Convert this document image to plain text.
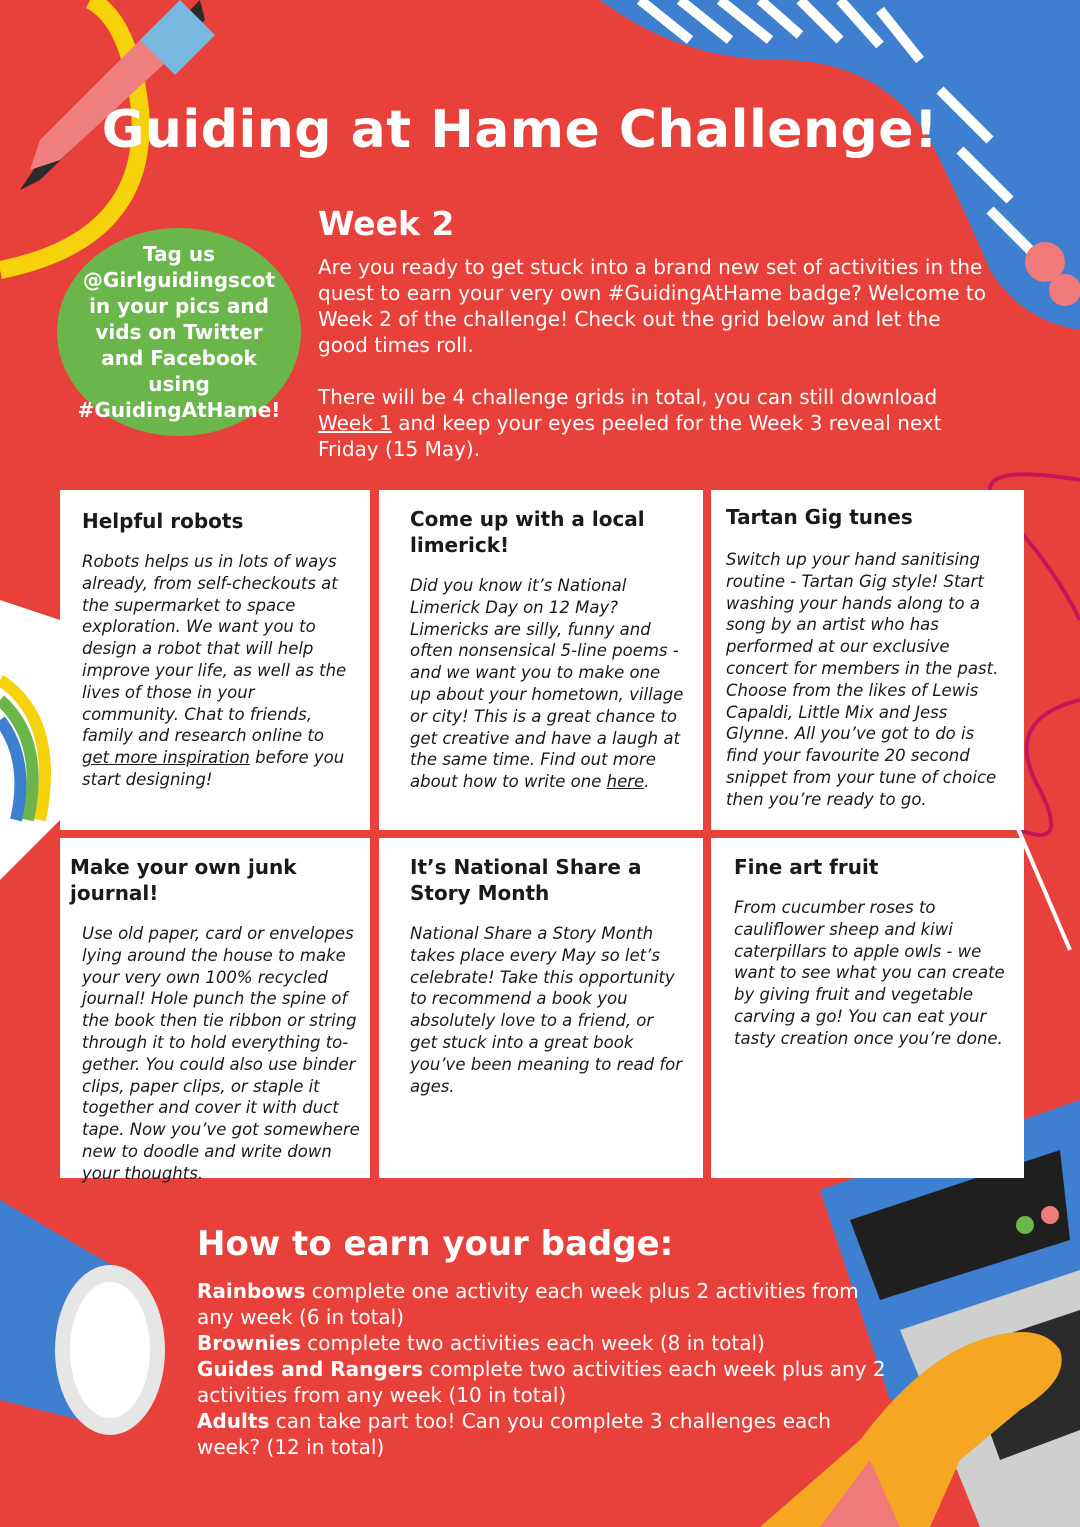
Guiding at Hame Challenge!
Week 2

Are you ready to get stuck into a brand new set of activities in the quest to earn your very own #GuidingAtHame badge? Welcome to Week 2 of the challenge! Check out the grid below and let the good times roll.

There will be 4 challenge grids in total, you can still download Week 1 and keep your eyes peeled for the Week 3 reveal next Friday (15 May).

Tag us @Girlguidingscot in your pics and vids on Twitter and Facebook using #GuidingAtHame!
Helpful robots

Robots helps us in lots of ways already, from self-checkouts at the supermarket to space exploration. We want you to design a robot that will help improve your life, as well as the lives of those in your community. Chat to friends, family and research online to get more inspiration before you start designing!

Come up with a local limerick!

Did you know it’s National Limerick Day on 12 May? Limericks are silly, funny and often nonsensical 5-line poems - and we want you to make one up about your hometown, village or city! This is a great chance to get creative and have a laugh at the same time. Find out more about how to write one here.

Tartan Gig tunes

Switch up your hand sanitising routine - Tartan Gig style! Start washing your hands along to a song by an artist who has performed at our exclusive concert for members in the past. Choose from the likes of Lewis Capaldi, Little Mix and Jess Glynne. All you’ve got to do is find your favourite 20 second snippet from your tune of choice then you’re ready to go.

Make your own junk journal!

Use old paper, card or envelopes lying around the house to make your very own 100% recycled journal! Hole punch the spine of the book then tie ribbon or string through it to hold everything to-gether. You could also use binder clips, paper clips, or staple it together and cover it with duct tape. Now you’ve got somewhere new to doodle and write down your thoughts.

It’s National Share a Story Month

National Share a Story Month takes place every May so let’s celebrate! Take this opportunity to recommend a book you absolutely love to a friend, or get stuck into a great book you’ve been meaning to read for ages.

Fine art fruit

From cucumber roses to cauliflower sheep and kiwi caterpillars to apple owls - we want to see what you can create by giving fruit and vegetable carving a go! You can eat your tasty creation once you’re done.

How to earn your badge:

Rainbows complete one activity each week plus 2 activities from any week (6 in total)

Brownies complete two activities each week (8 in total)

Guides and Rangers complete two activities each week plus any 2 activities from any week (10 in total)

Adults can take part too! Can you complete 3 challenges each week? (12 in total)
